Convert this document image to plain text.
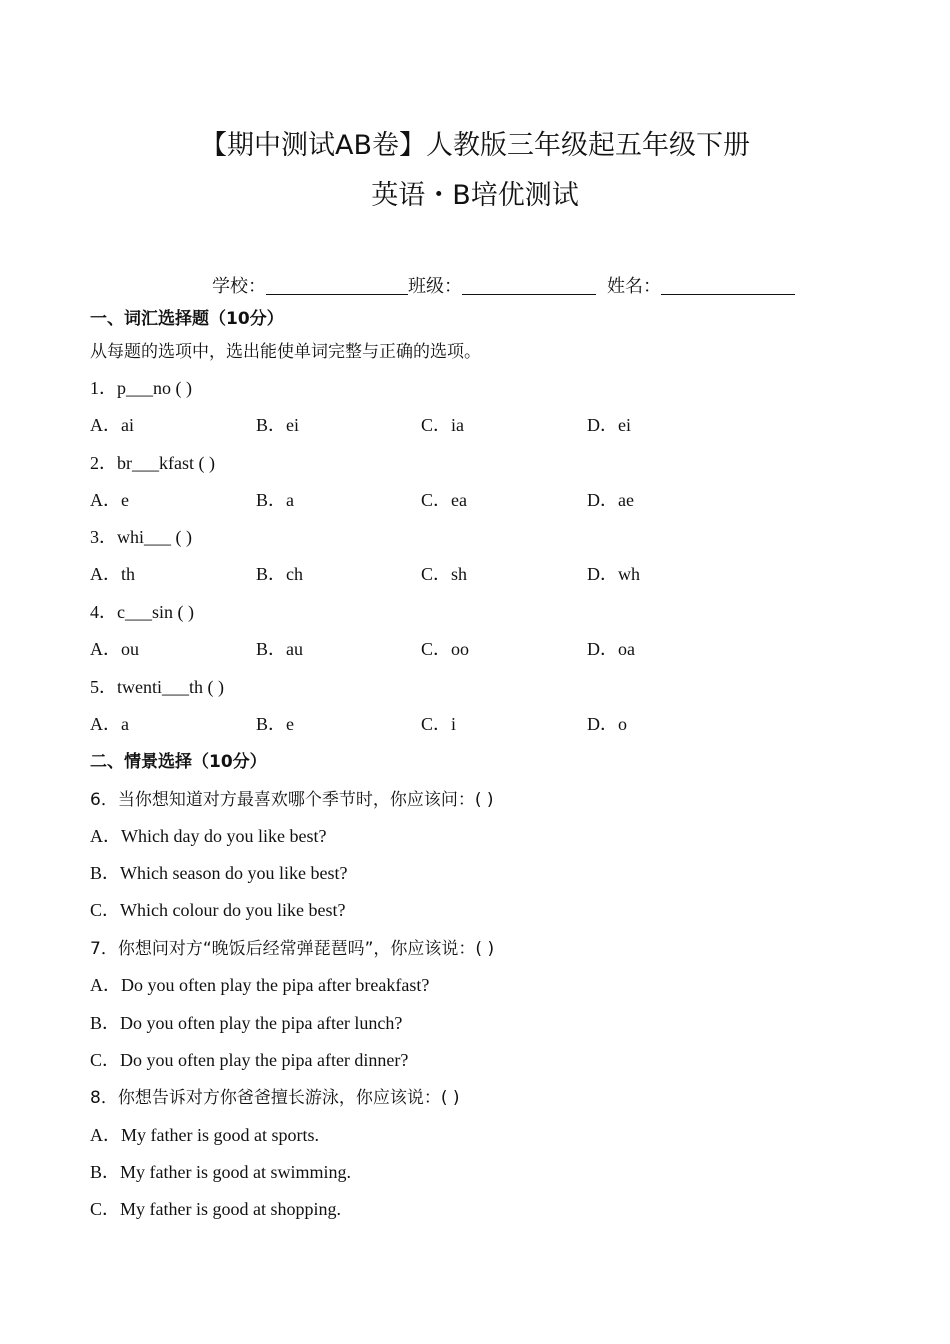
【期中测试AB卷】人教版三年级起五年级下册
英语・B培优测试
学校：	班级：	姓名：
一、词汇选择题（10分）
从每题的选项中，选出能使单词完整与正确的选项。
1．p___no ( )
A．ai	B．ei	C．ia	D．ei
2．br___kfast ( )
A．e	B．a	C．ea	D．ae
3．whi___ ( )
A．th	B．ch	C．sh	D．wh
4．c___sin ( )
A．ou	B．au	C．oo	D．oa
5．twenti___th ( )
A．a	B．e	C．i	D．o
二、情景选择（10分）
6．当你想知道对方最喜欢哪个季节时，你应该问：( )
A．Which day do you like best?
B．Which season do you like best?
C．Which colour do you like best?
7．你想问对方“晚饭后经常弹琵琶吗”，你应该说：( )
A．Do you often play the pipa after breakfast?
B．Do you often play the pipa after lunch?
C．Do you often play the pipa after dinner?
8．你想告诉对方你爸爸擅长游泳，你应该说：( )
A．My father is good at sports.
B．My father is good at swimming.
C．My father is good at shopping.
